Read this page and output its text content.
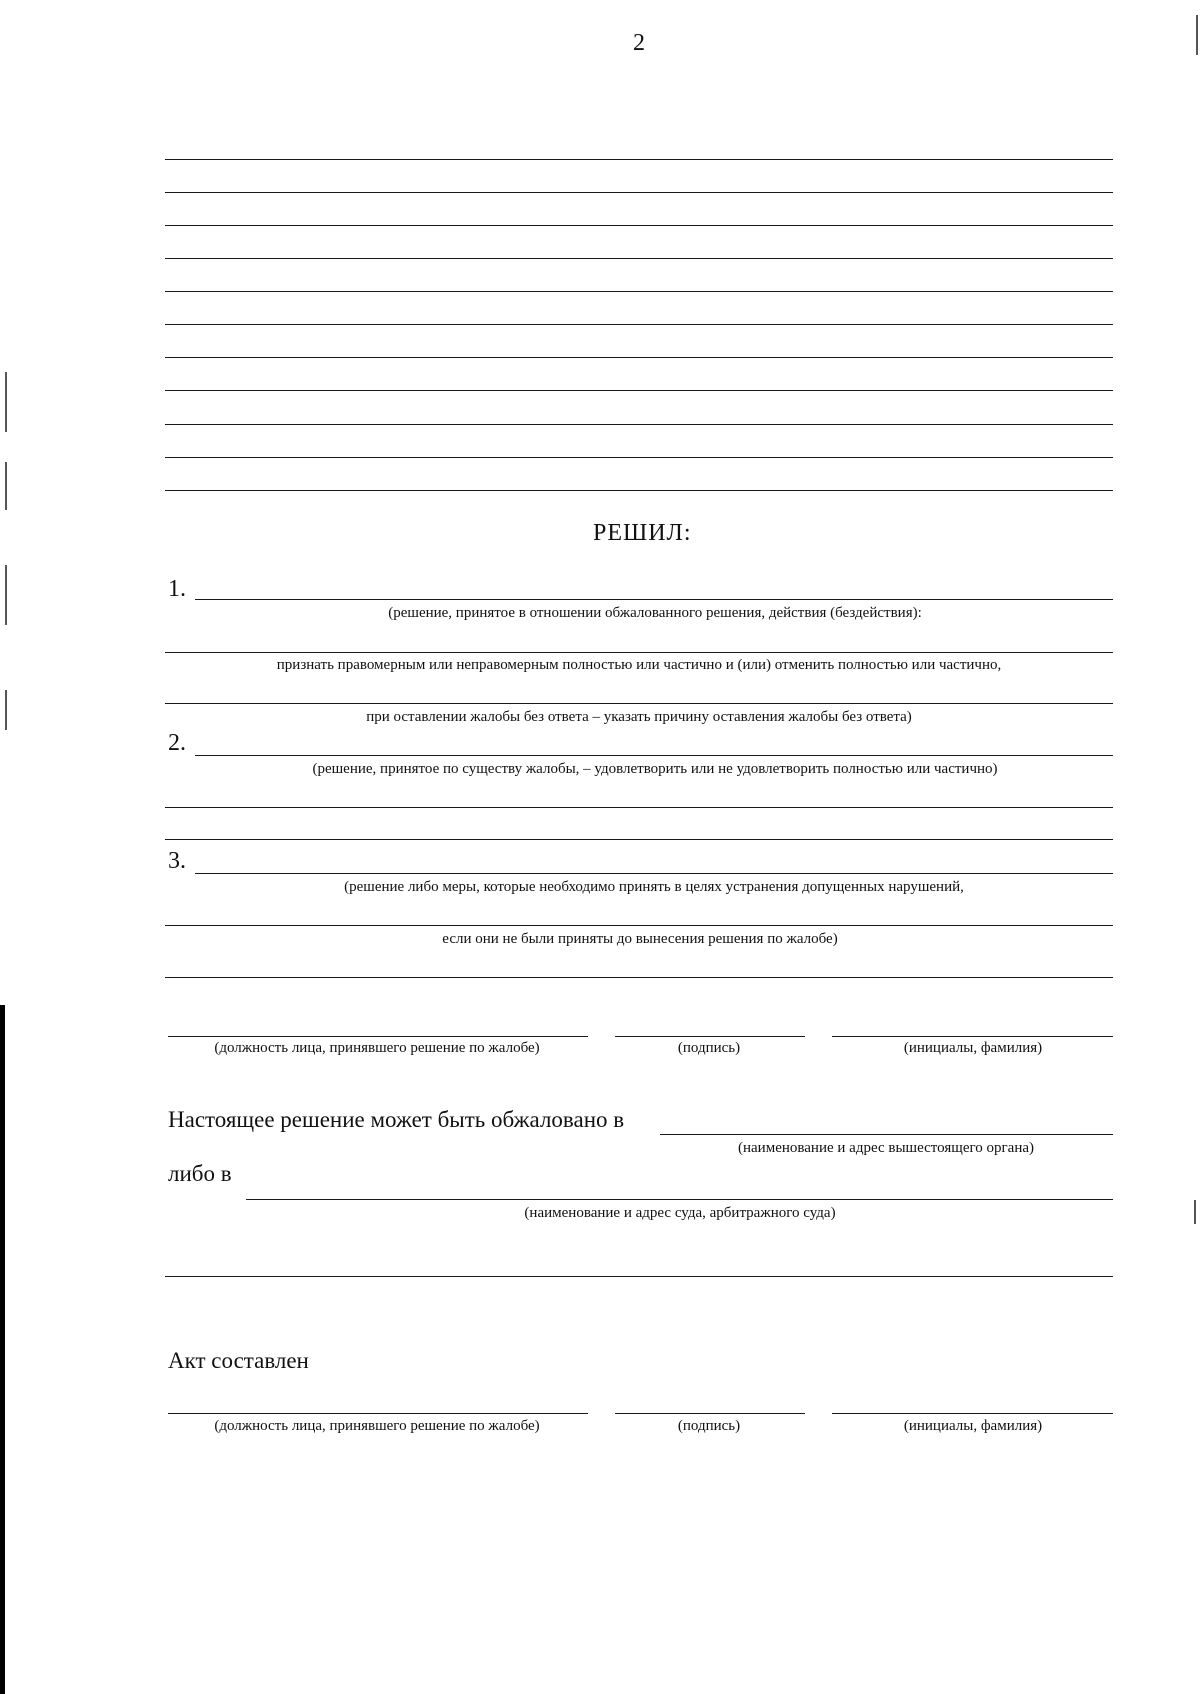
2
РЕШИЛ:
1.
(решение, принятое в отношении обжалованного решения, действия (бездействия):
признать правомерным или неправомерным полностью или частично и (или) отменить полностью или частично,
при оставлении жалобы без ответа – указать причину оставления жалобы без ответа)
2.
(решение, принятое по существу жалобы, – удовлетворить или не удовлетворить полностью или частично)
3.
(решение либо меры, которые необходимо принять в целях устранения допущенных нарушений,
если они не были приняты до вынесения решения по жалобе)
(должность лица, принявшего решение по жалобе)	(подпись)	(инициалы, фамилия)
Настоящее решение может быть обжаловано в
(наименование и адрес вышестоящего органа)
либо в
(наименование и адрес суда, арбитражного суда)
Акт составлен
(должность лица, принявшего решение по жалобе)	(подпись)	(инициалы, фамилия)
